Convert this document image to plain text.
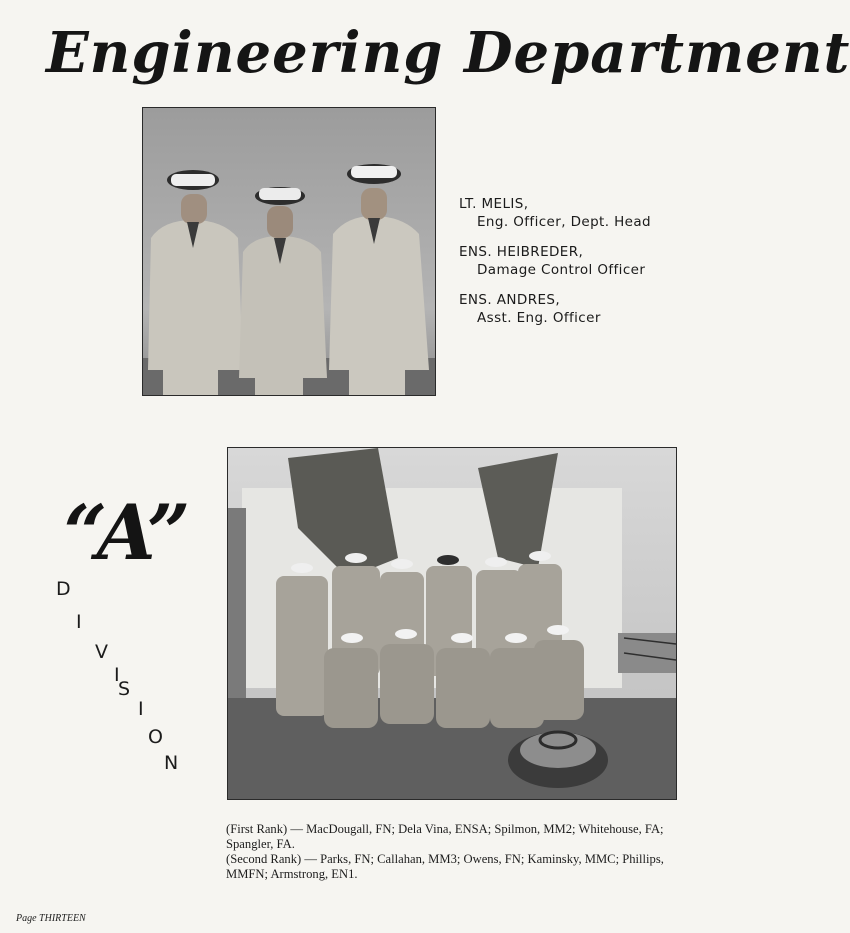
Engineering Department
LT. MELIS,
Eng. Officer, Dept. Head
ENS. HEIBREDER,
Damage Control Officer
ENS. ANDRES,
Asst. Eng. Officer
“A”
D
I
V
I
S
I
O
N
(First Rank) — MacDougall, FN; Dela Vina, ENSA; Spilmon, MM2; Whitehouse, FA; Spangler, FA.
(Second Rank) — Parks, FN; Callahan, MM3; Owens, FN; Kaminsky, MMC; Phillips, MMFN; Armstrong, EN1.
Page THIRTEEN
